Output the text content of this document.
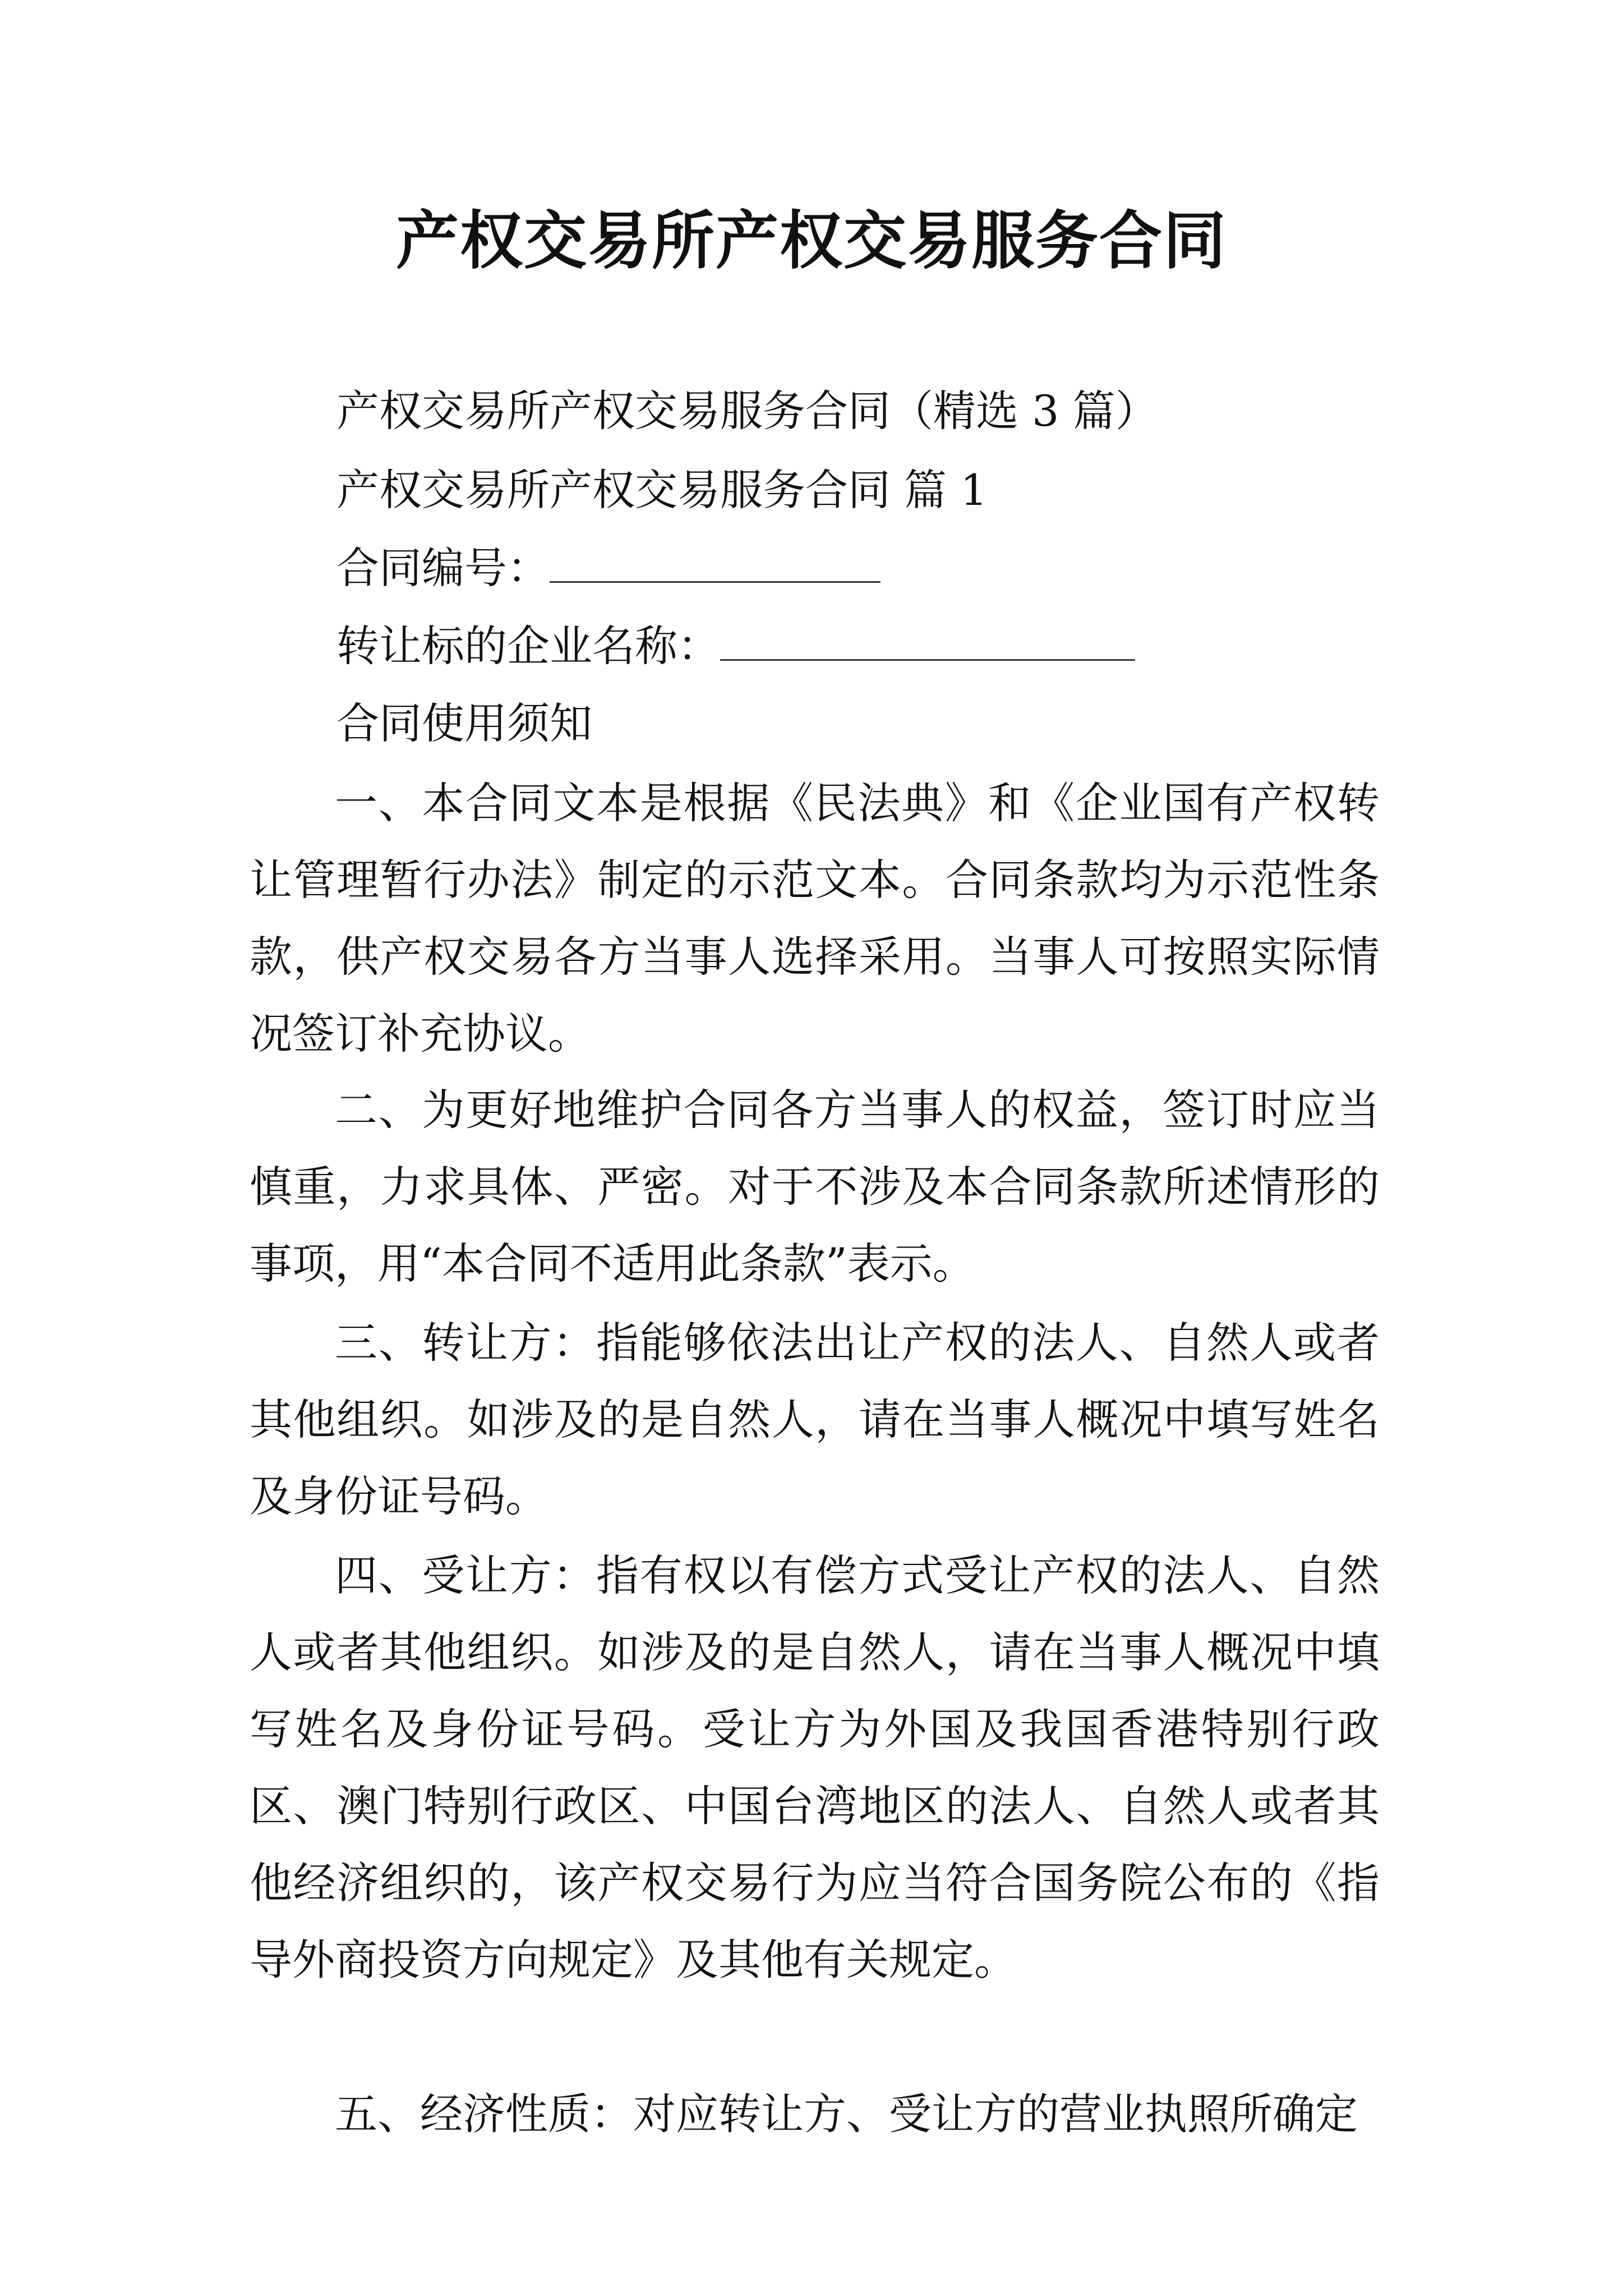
产权交易所产权交易服务合同

产权交易所产权交易服务合同（精选 3 篇）

产权交易所产权交易服务合同 篇 1

合同编号：

转让标的企业名称：

合同使用须知

一、本合同文本是根据《民法典》和《企业国有产权转让管理暂行办法》制定的示范文本。合同条款均为示范性条款，供产权交易各方当事人选择采用。当事人可按照实际情况签订补充协议。

二、为更好地维护合同各方当事人的权益，签订时应当慎重，力求具体、严密。对于不涉及本合同条款所述情形的事项，用“本合同不适用此条款”表示。

三、转让方：指能够依法出让产权的法人、自然人或者其他组织。如涉及的是自然人，请在当事人概况中填写姓名及身份证号码。

四、受让方：指有权以有偿方式受让产权的法人、自然人或者其他组织。如涉及的是自然人，请在当事人概况中填写姓名及身份证号码。受让方为外国及我国香港特别行政区、澳门特别行政区、中国台湾地区的法人、自然人或者其他经济组织的，该产权交易行为应当符合国务院公布的《指导外商投资方向规定》及其他有关规定。

五、经济性质：对应转让方、受让方的营业执照所确定
